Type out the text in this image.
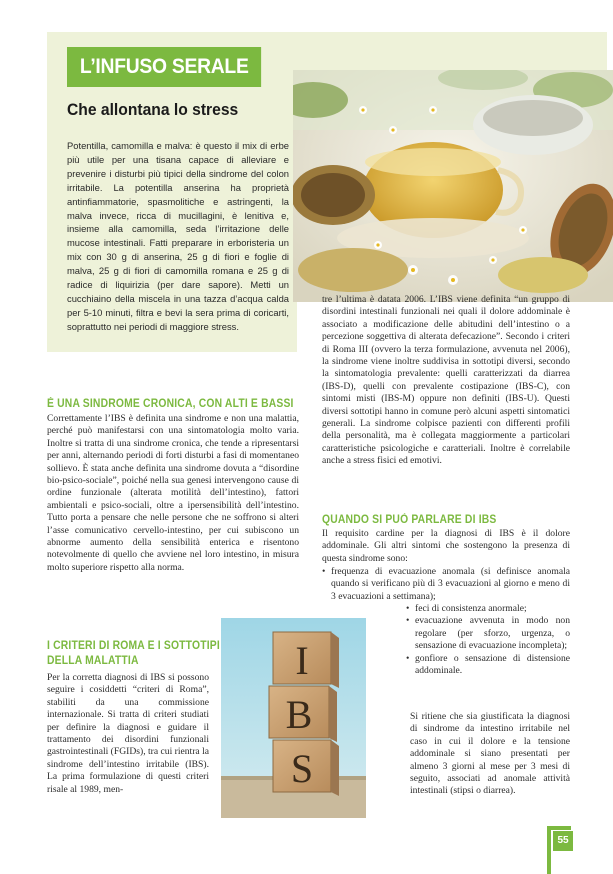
L’INFUSO SERALE
Che allontana lo stress
Potentilla, camomilla e malva: è questo il mix di erbe più utile per una tisana capace di alleviare e prevenire i disturbi più tipici della sindrome del colon irritabile. La potentilla anserina ha proprietà antinfiammatorie, spasmolitiche e astringenti, la malva invece, ricca di mucillagini, è lenitiva e, insieme alla camomilla, seda l’irritazione delle mucose intestinali. Fatti preparare in erboristeria un mix con 30 g di anserina, 25 g di fiori e foglie di malva, 25 g di fiori di camomilla romana e 25 g di radice di liquirizia (per dare sapore). Metti un cucchiaino della miscela in una tazza d’acqua calda per 5-10 minuti, filtra e bevi la sera prima di coricarti, soprattutto nei periodi di maggiore stress.
È UNA SINDROME CRONICA, CON ALTI E BASSI
Correttamente l’IBS è definita una sindrome e non una malattia, perché può manifestarsi con una sintomatologia molto varia. Inoltre si tratta di una sindrome cronica, che tende a ripresentarsi per anni, alternando periodi di forti disturbi a fasi di momentaneo sollievo. È stata anche definita una sindrome dovuta a “disordine bio-psico-sociale”, poiché nella sua genesi intervengono cause di ordine funzionale (alterata motilità dell’intestino), fattori ambientali e psico-sociali, oltre a ipersensibilità dell’intestino. Tutto porta a pensare che nelle persone che ne soffrono si alteri l’asse comunicativo cervello-intestino, per cui subiscono un abnorme aumento della sensibilità enterica e risentono notevolmente di quello che avviene nel loro intestino, in misura molto superiore rispetto alla norma.
I CRITERI DI ROMA E I SOTTOTIPI
DELLA MALATTIA
Per la corretta diagnosi di IBS si possono seguire i cosiddetti “criteri di Roma”, stabiliti da una commissione internazionale. Si tratta di criteri studiati per definire la diagnosi e guidare il trattamento dei disordini funzionali gastrointestinali (FGIDs), tra cui rientra la sindrome dell’intestino irritabile (IBS). La prima formulazione di questi criteri risale al 1989, men-
I
B
S
tre l’ultima è datata 2006. L’IBS viene definita “un gruppo di disordini intestinali funzionali nei quali il dolore addominale è associato a modificazione delle abitudini dell’intestino o a percezione soggettiva di alterata defecazione”. Secondo i criteri di Roma III (ovvero la terza formulazione, avvenuta nel 2006), la sindrome viene inoltre suddivisa in sottotipi diversi, secondo la sintomatologia prevalente: quelli caratterizzati da diarrea (IBS-D), quelli con prevalente costipazione (IBS-C), con sintomi misti (IBS-M) oppure non definiti (IBS-U). Questi diversi sottotipi hanno in comune però alcuni aspetti sintomatici generali. La sindrome colpisce pazienti con differenti profili della personalità, ma è collegata maggiormente a particolari caratteristiche psicologiche e caratteriali. Inoltre è correlabile anche a stress fisici ed emotivi.
QUANDO SI PUÒ PARLARE DI IBS
Il requisito cardine per la diagnosi di IBS è il dolore addominale. Gli altri sintomi che sostengono la presenza di questa sindrome sono:
• frequenza di evacuazione anomala (si definisce anomala quando si verificano più di 3 evacuazioni al giorno e meno di 3 evacuazioni a settimana);
• feci di consistenza anormale;
• evacuazione avvenuta in modo non regolare (per sforzo, urgenza, o sensazione di evacuazione incompleta);
• gonfiore o sensazione di distensione addominale.
Si ritiene che sia giustificata la diagnosi di sindrome da intestino irritabile nel caso in cui il dolore e la tensione addominale si siano presentati per almeno 3 giorni al mese per 3 mesi di seguito, associati ad anomale attività intestinali (stipsi o diarrea).
55
